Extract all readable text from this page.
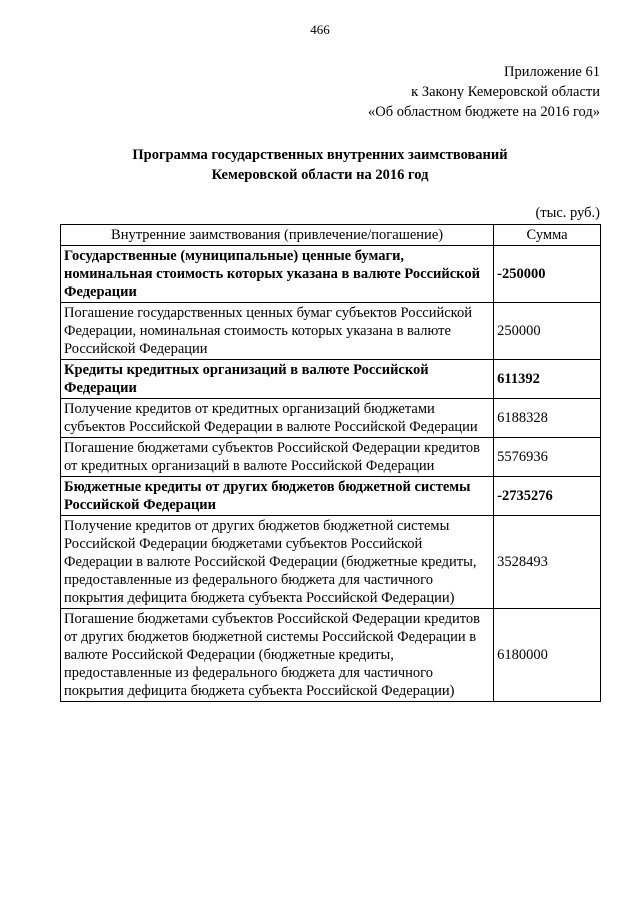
466
Приложение 61
к Закону Кемеровской области
«Об областном бюджете на 2016 год»
Программа государственных внутренних заимствований
Кемеровской области на 2016 год
(тыс. руб.)
Внутренние заимствования (привлечение/погашение)	Сумма
Государственные (муниципальные) ценные бумаги, номинальная стоимость которых указана в валюте Российской Федерации	-250000
Погашение государственных ценных бумаг субъектов Российской Федерации, номинальная стоимость которых указана в валюте Российской Федерации	250000
Кредиты кредитных организаций в валюте Российской Федерации	611392
Получение кредитов от кредитных организаций бюджетами субъектов Российской Федерации в валюте Российской Федерации	6188328
Погашение бюджетами субъектов Российской Федерации кредитов от кредитных организаций в валюте Российской Федерации	5576936
Бюджетные кредиты от других бюджетов бюджетной системы Российской Федерации	-2735276
Получение кредитов от других бюджетов бюджетной системы Российской Федерации бюджетами субъектов Российской Федерации в валюте Российской Федерации (бюджетные кредиты, предоставленные из федерального бюджета для частичного покрытия дефицита бюджета субъекта Российской Федерации)	3528493
Погашение бюджетами субъектов Российской Федерации кредитов от других бюджетов бюджетной системы Российской Федерации в валюте Российской Федерации (бюджетные кредиты, предоставленные из федерального бюджета для частичного покрытия дефицита бюджета субъекта Российской Федерации)	6180000
